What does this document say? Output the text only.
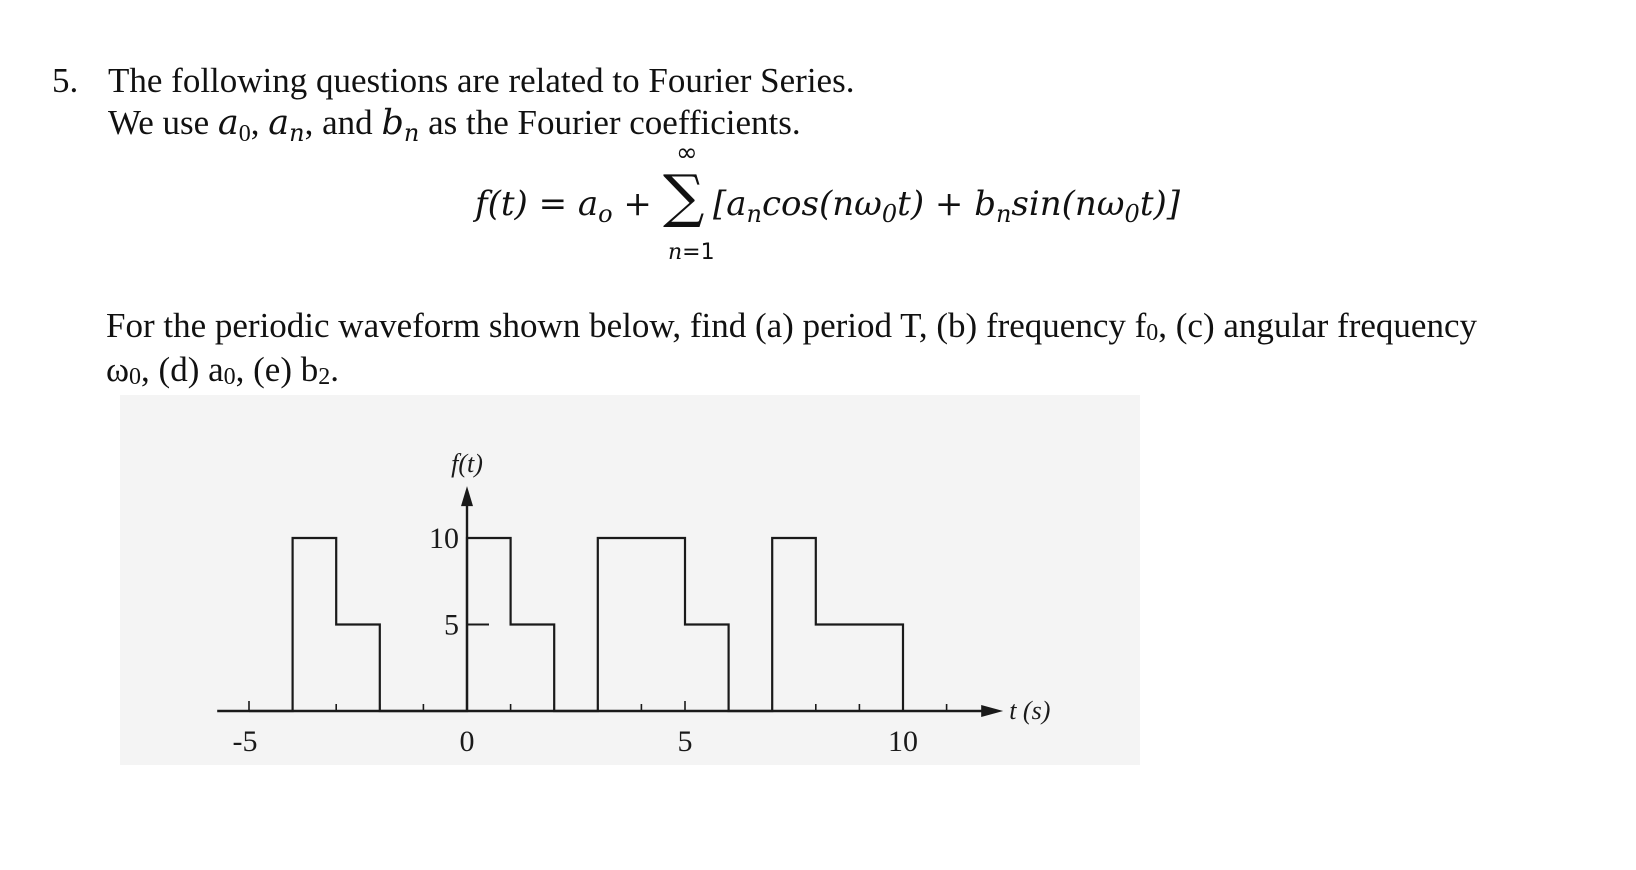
5. The following questions are related to Fourier Series.
We use $a_0$, $a_n$, and $b_n$ as the Fourier coefficients.
$f(t) = a_o$ +
∞
∑
n=1
$[a_n\cos(n\omega_0t) + b_n\sin(n\omega_0t)]$
For the periodic waveform shown below, find (a) period T, (b) frequency f0, (c) angular frequency
ω0, (d) a0, (e) b2.
5
10
-5	0	5	10
f(t)
t (s)
